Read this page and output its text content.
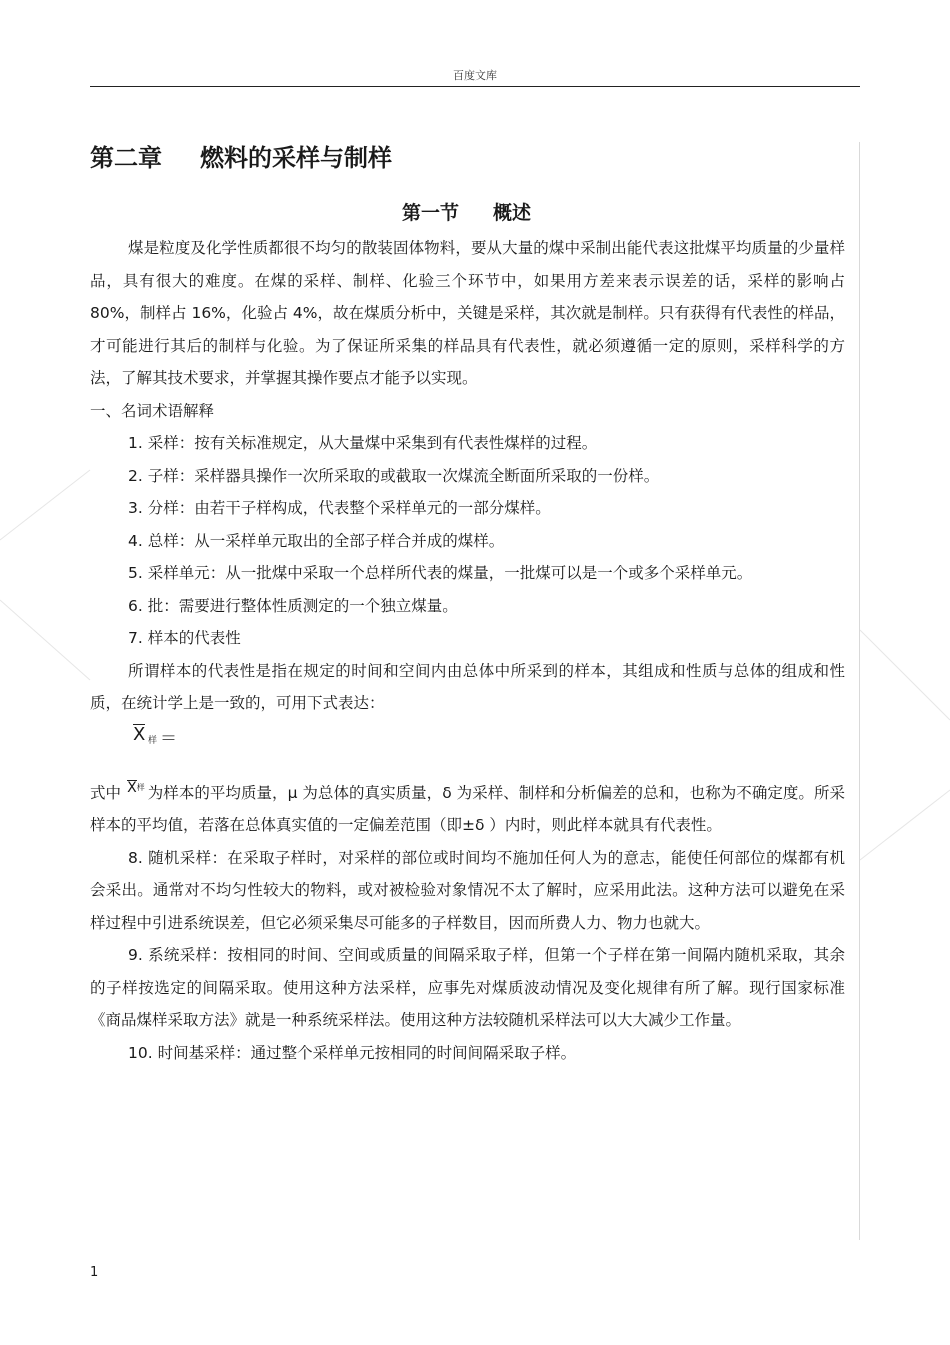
百度文库
第二章 燃料的采样与制样
第一节 概述

煤是粒度及化学性质都很不均匀的散装固体物料，要从大量的煤中采制出能代表这批煤平均质量的少量样品，具有很大的难度。在煤的采样、制样、化验三个环节中，如果用方差来表示误差的话，采样的影响占 80%，制样占 16%，化验占 4%，故在煤质分析中，关键是采样，其次就是制样。只有获得有代表性的样品，才可能进行其后的制样与化验。为了保证所采集的样品具有代表性，就必须遵循一定的原则，采样科学的方法，了解其技术要求，并掌握其操作要点才能予以实现。

一、名词术语解释

1. 采样：按有关标准规定，从大量煤中采集到有代表性煤样的过程。

2. 子样：采样器具操作一次所采取的或截取一次煤流全断面所采取的一份样。

3. 分样：由若干子样构成，代表整个采样单元的一部分煤样。

4. 总样：从一采样单元取出的全部子样合并成的煤样。

5. 采样单元：从一批煤中采取一个总样所代表的煤量，一批煤可以是一个或多个采样单元。

6. 批：需要进行整体性质测定的一个独立煤量。

7. 样本的代表性

所谓样本的代表性是指在规定的时间和空间内由总体中所采到的样本，其组成和性质与总体的组成和性质，在统计学上是一致的，可用下式表达：

X 样 ＝

式中 $X^样$ 为样本的平均质量，μ 为总体的真实质量，δ 为采样、制样和分析偏差的总和，也称为不确定度。所采样本的平均值，若落在总体真实值的一定偏差范围（即±δ ）内时，则此样本就具有代表性。

8. 随机采样：在采取子样时，对采样的部位或时间均不施加任何人为的意志，能使任何部位的煤都有机会采出。通常对不均匀性较大的物料，或对被检验对象情况不太了解时，应采用此法。这种方法可以避免在采样过程中引进系统误差，但它必须采集尽可能多的子样数目，因而所费人力、物力也就大。

9. 系统采样：按相同的时间、空间或质量的间隔采取子样，但第一个子样在第一间隔内随机采取，其余的子样按选定的间隔采取。使用这种方法采样，应事先对煤质波动情况及变化规律有所了解。现行国家标准《商品煤样采取方法》就是一种系统采样法。使用这种方法较随机采样法可以大大减少工作量。

10. 时间基采样：通过整个采样单元按相同的时间间隔采取子样。

1
